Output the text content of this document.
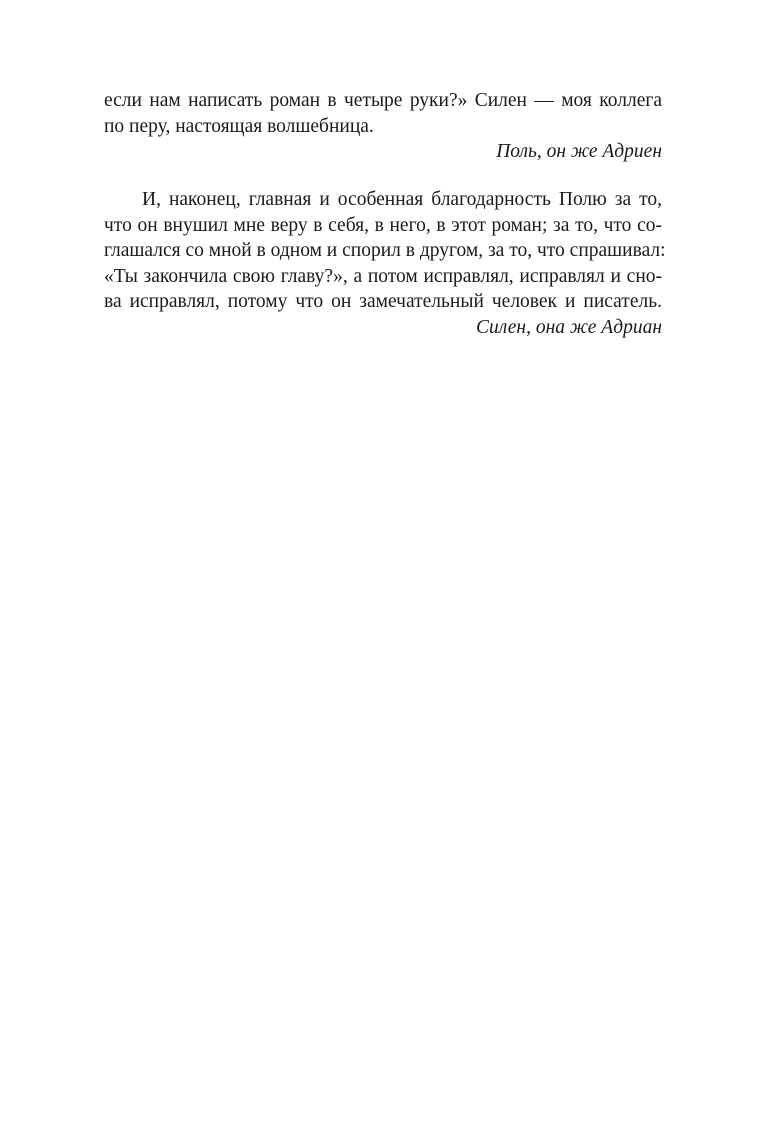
если нам написать роман в четыре руки?» Силен — моя коллега
по перу, настоящая волшебница.
Поль, он же Адриен
И, наконец, главная и особенная благодарность Полю за то,
что он внушил мне веру в себя, в него, в этот роман; за то, что со-
глашался со мной в одном и спорил в другом, за то, что спрашивал:
«Ты закончила свою главу?», а потом исправлял, исправлял и сно-
ва исправлял, потому что он замечательный человек и писатель.
Силен, она же Адриан
